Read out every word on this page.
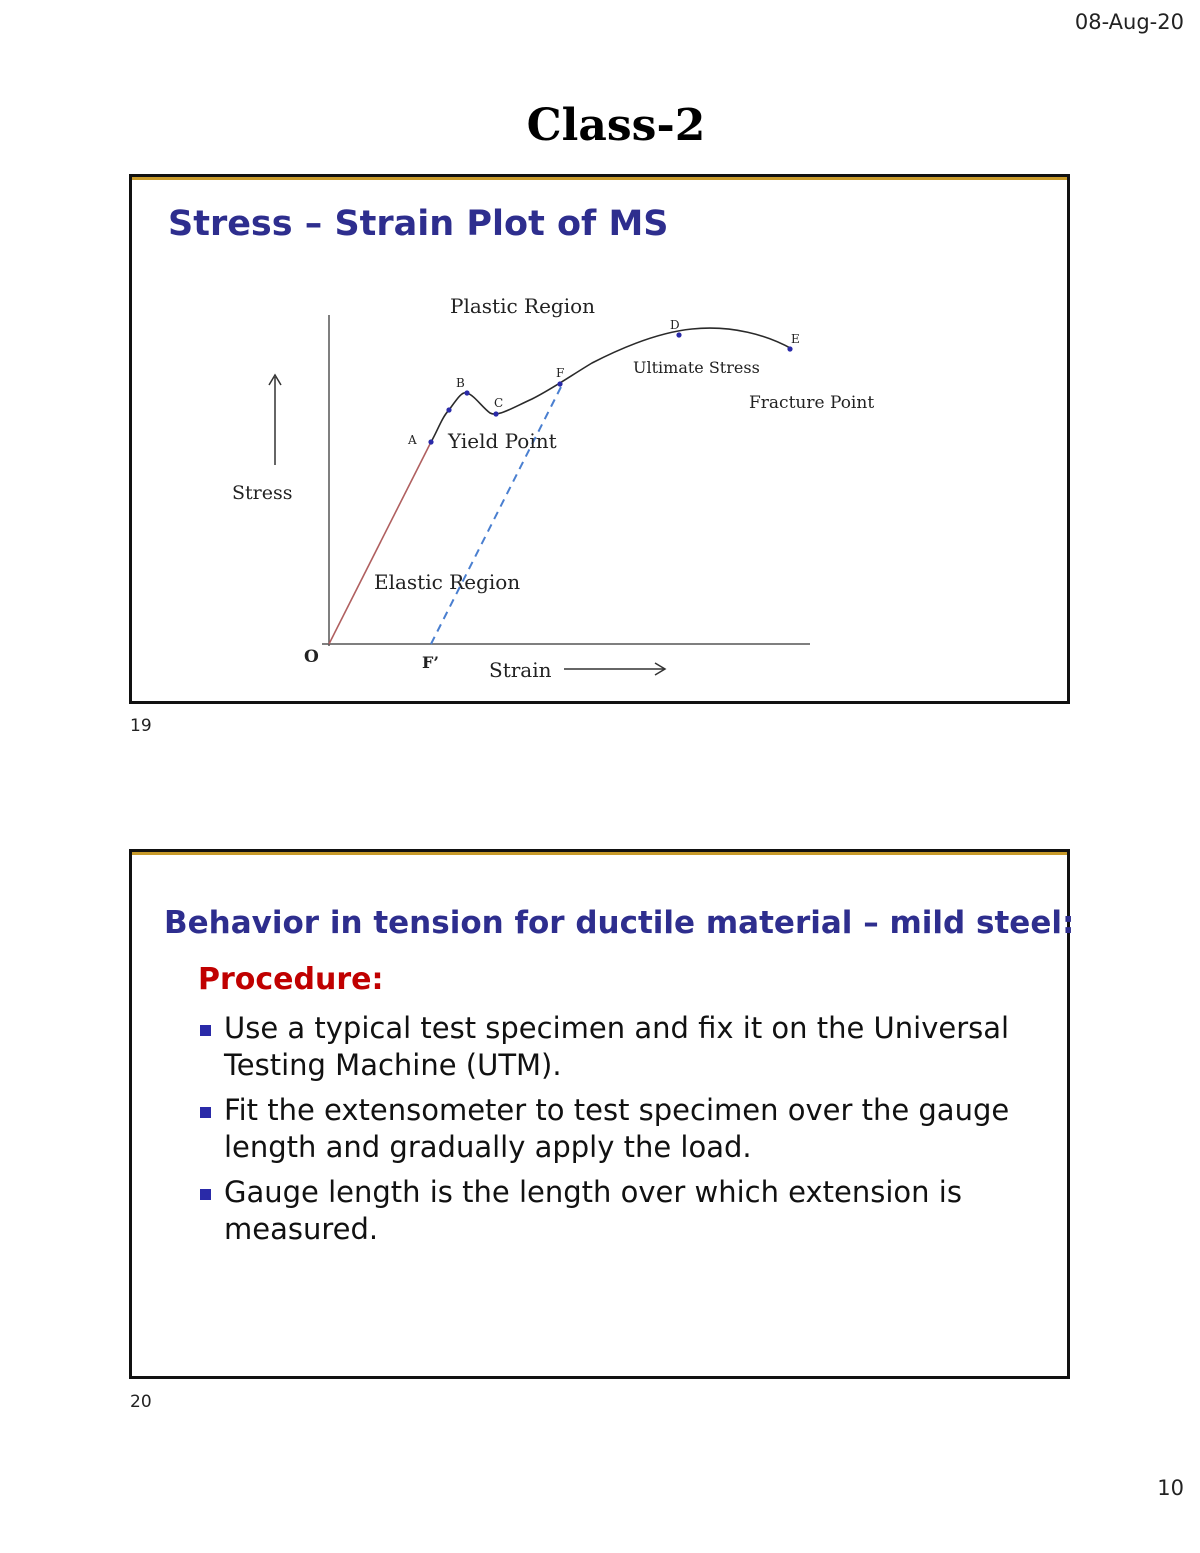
08-Aug-20
Class-2
Stress – Strain Plot of MS
Plastic Region
Elastic Region
Yield Point
Ultimate Stress
Fracture Point
Stress
Strain
O	F’
A
B
C
F
D
E
19
Behavior in tension for ductile material – mild steel:
Procedure:
Use a typical test specimen and fix it on the Universal Testing Machine (UTM).
Fit the extensometer to test specimen over the gauge length and gradually apply the load.
Gauge length is the length over which extension is measured.
20
10
